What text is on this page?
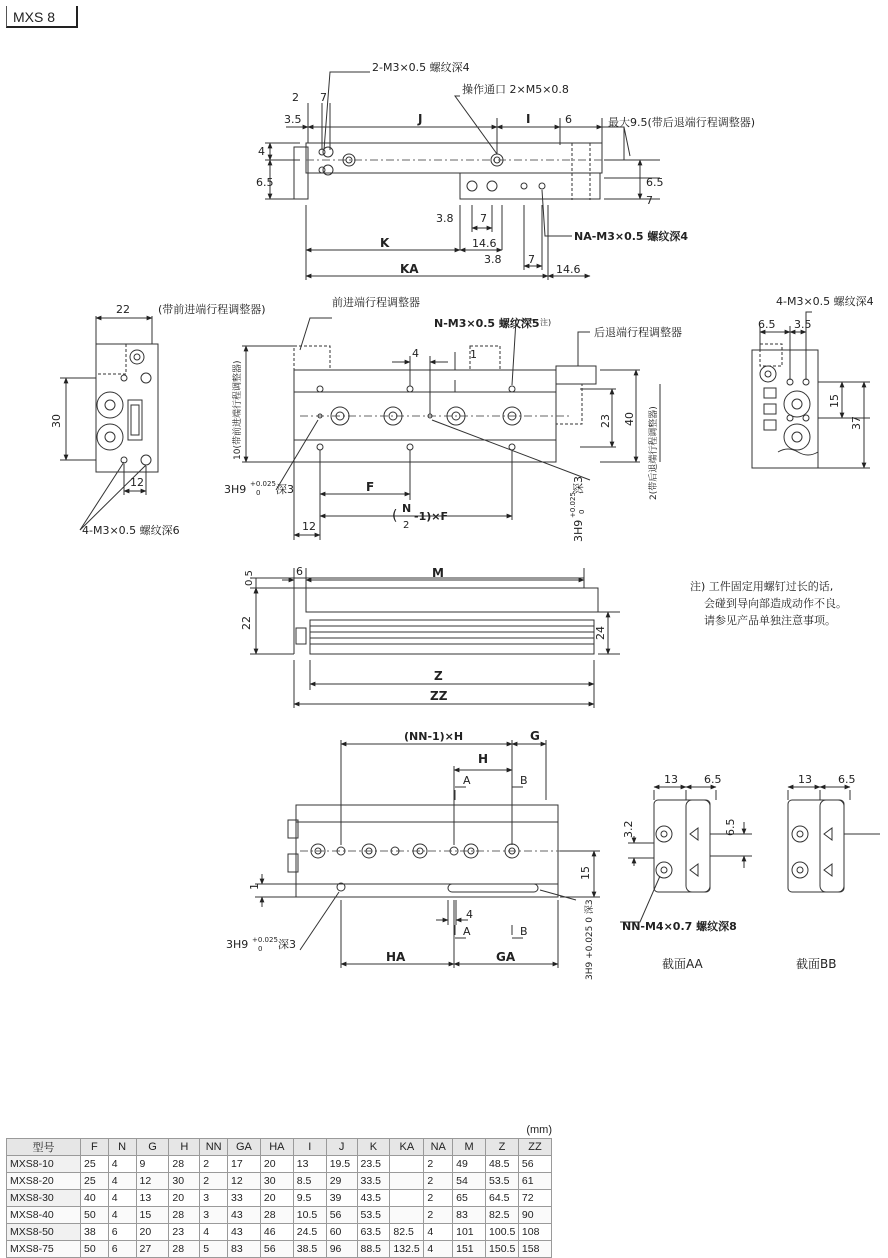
MXS 8
2-M3×0.5 螺纹深4
操作通口 2×M5×0.8
最大9.5(带后退端行程调整器)
NA-M3×0.5 螺纹深4
2 7
3.5	J	I	6
4
6.5	6.5
7
3.8 7
K	14.6
3.8 7
KA	14.6
22	(带前进端行程调整器)
30
12
4-M3×0.5 螺纹深6
前进端行程调整器
N-M3×0.5 螺纹深5 注)
后退端行程调整器
4	1
23 40
10(带前进端行程调整器)	2(带后退端行程调整器)
3H9 +0.025
0 深3
3H9
+0.025 0
深3
F
12
( N
2
-1)×F
4-M3×0.5 螺纹深4
6.5 3.5
15
37
0.5	6	M
22
24
Z
ZZ
(NN-1)×H	G
H
A	B
1
15
4
A	B
3H9 +0.025
0 深3	3H9 +0.025 0 深3
HA	GA
13 6.5
3.2	6.5
NN-M4×0.7 螺纹深8
13 6.5
截面AA	截面BB
注) 工件固定用螺钉过长的话,
会碰到导向部造成动作不良。
请参见产品单独注意事项。
(mm)
型号	F	N	G	H	NN	GA	HA	I	J	K	KA	NA	M	Z	ZZ
MXS8-10	25	4	9	28	2	17	20	13	19.5	23.5		2	49	48.5	56
MXS8-20	25	4	12	30	2	12	30	8.5	29	33.5		2	54	53.5	61
MXS8-30	40	4	13	20	3	33	20	9.5	39	43.5		2	65	64.5	72
MXS8-40	50	4	15	28	3	43	28	10.5	56	53.5		2	83	82.5	90
MXS8-50	38	6	20	23	4	43	46	24.5	60	63.5	82.5	4	101	100.5	108
MXS8-75	50	6	27	28	5	83	56	38.5	96	88.5	132.5	4	151	150.5	158
